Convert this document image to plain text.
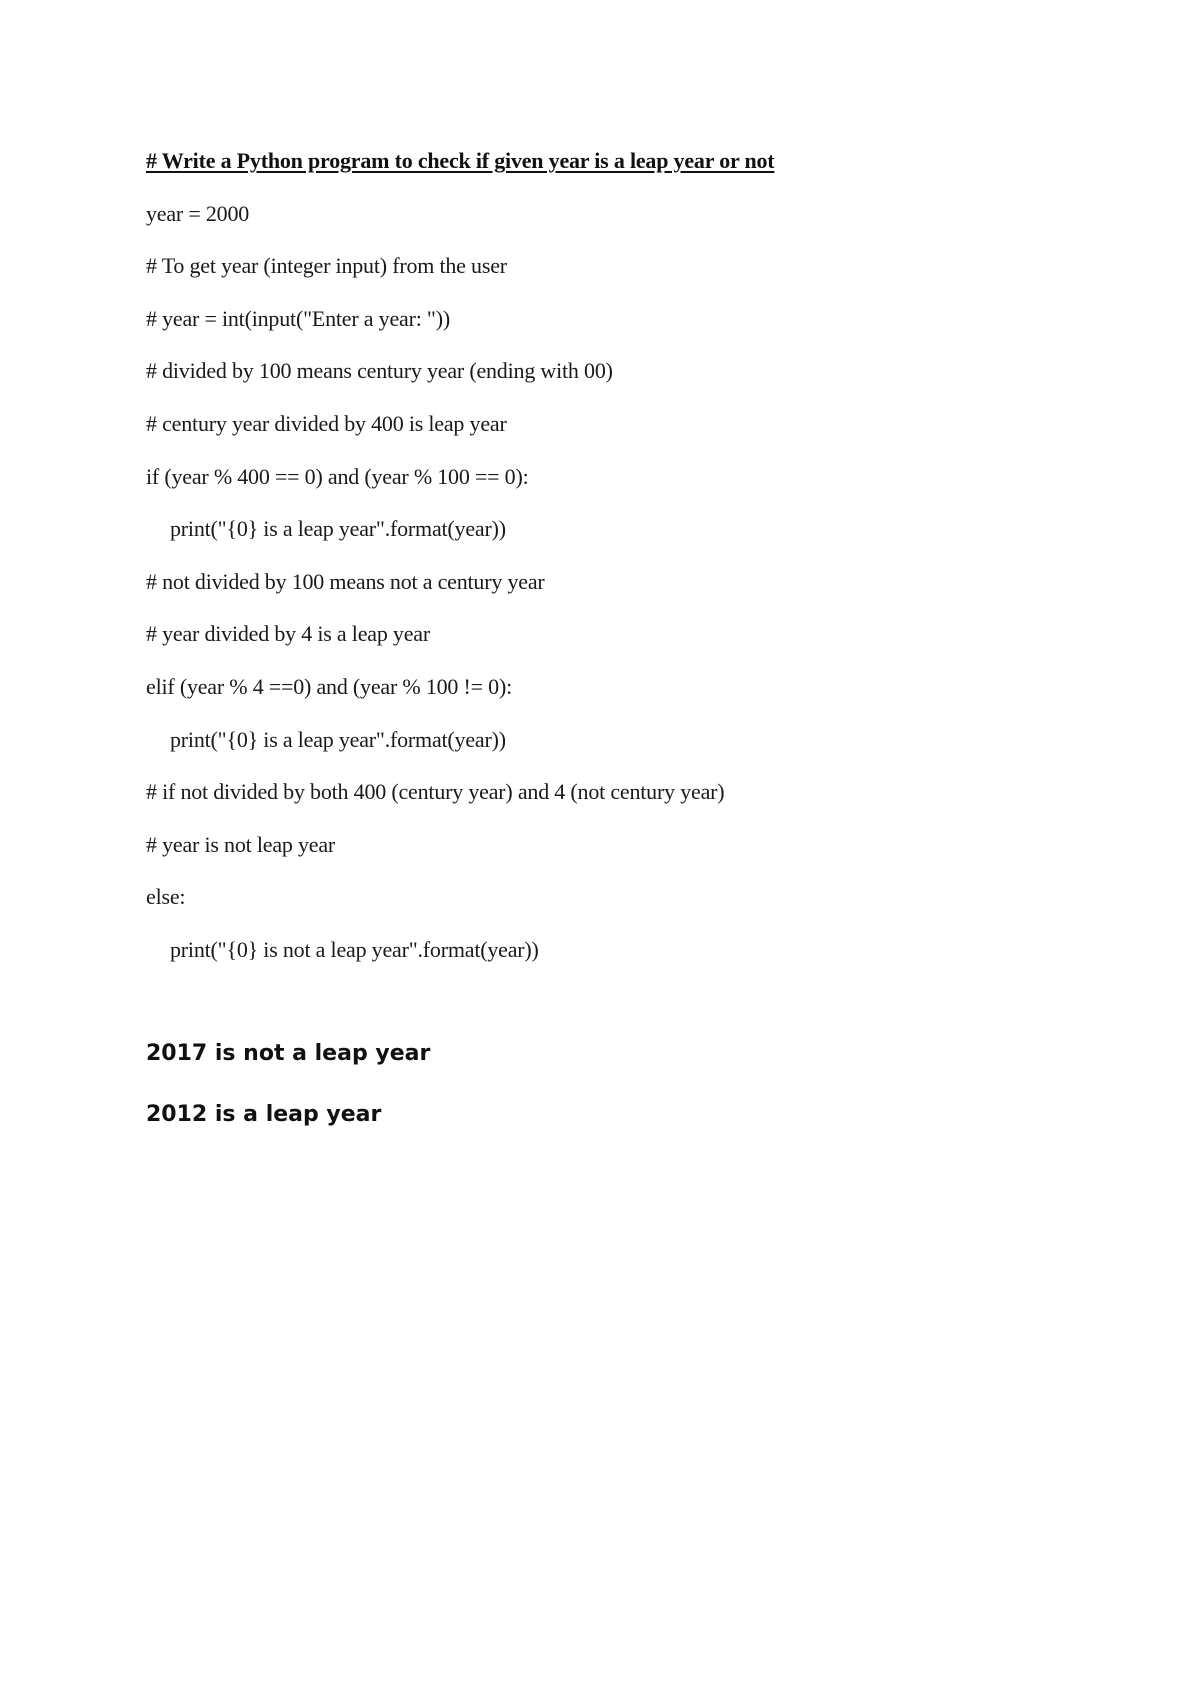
# Write a Python program to check if given year is a leap year or not
year = 2000
# To get year (integer input) from the user
# year = int(input("Enter a year: "))
# divided by 100 means century year (ending with 00)
# century year divided by 400 is leap year
if (year % 400 == 0) and (year % 100 == 0):
print("{0} is a leap year".format(year))
# not divided by 100 means not a century year
# year divided by 4 is a leap year
elif (year % 4 ==0) and (year % 100 != 0):
print("{0} is a leap year".format(year))
# if not divided by both 400 (century year) and 4 (not century year)
# year is not leap year
else:
print("{0} is not a leap year".format(year))
2017 is not a leap year
2012 is a leap year
